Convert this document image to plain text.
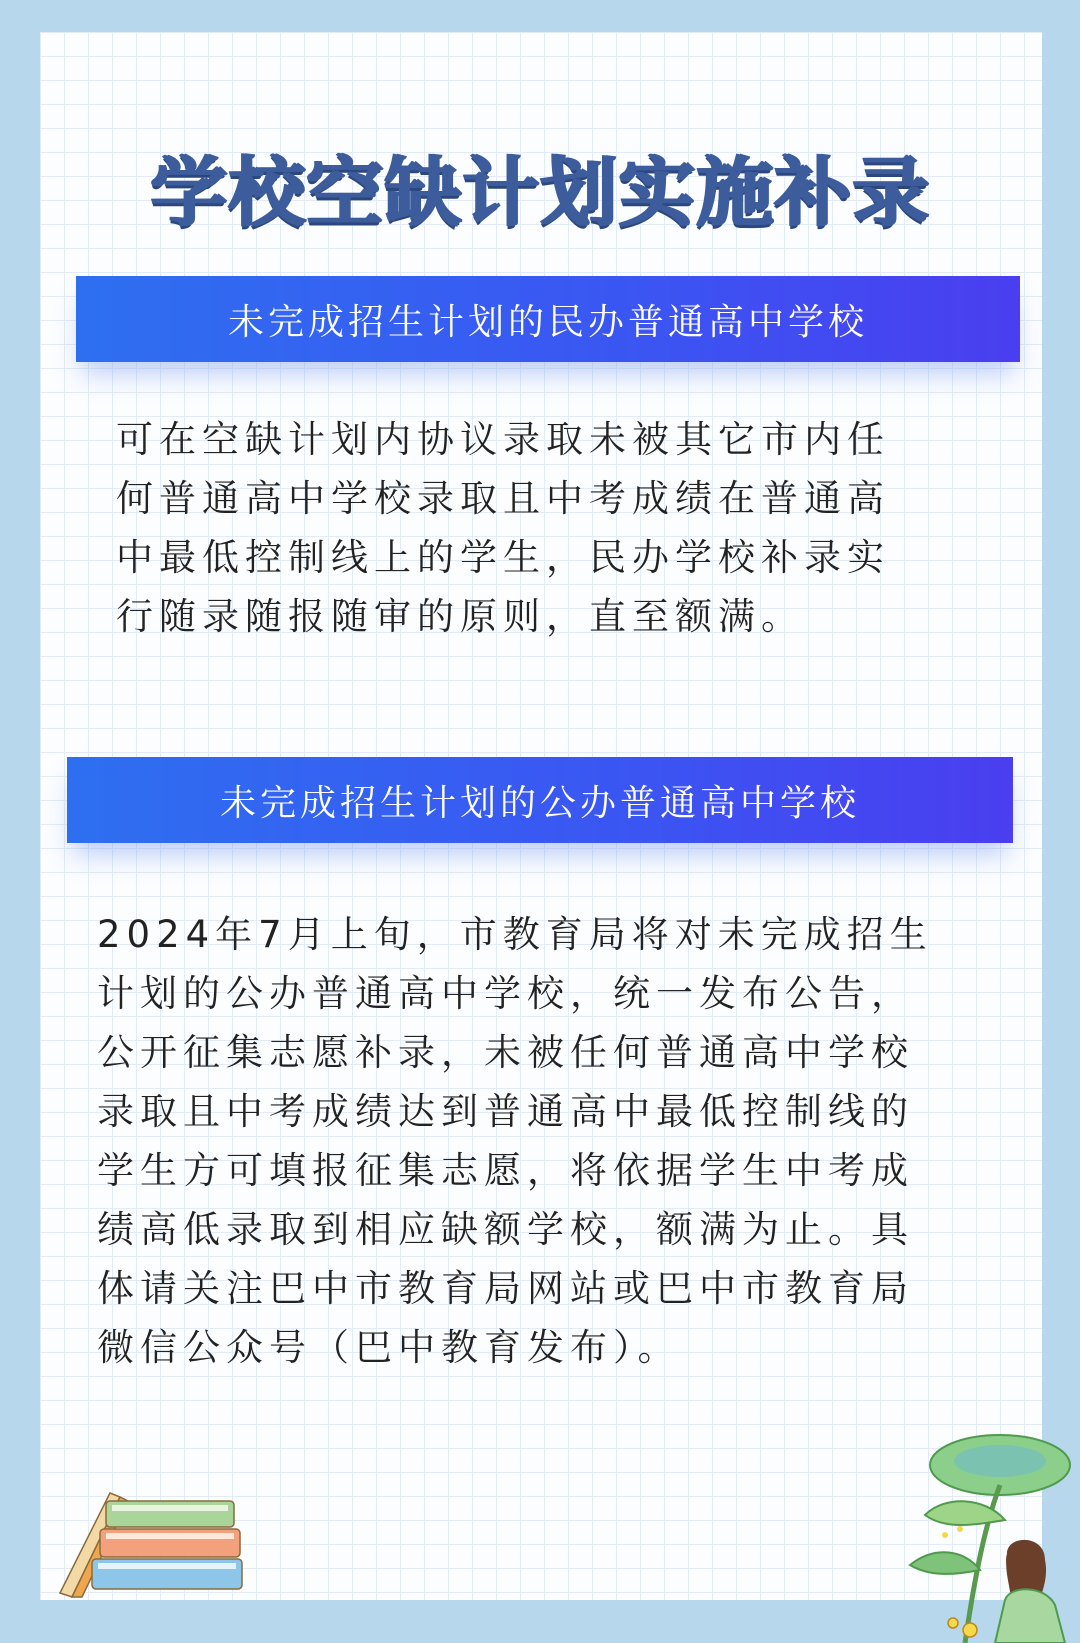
学校空缺计划实施补录
未完成招生计划的民办普通高中学校
可在空缺计划内协议录取未被其它市内任
何普通高中学校录取且中考成绩在普通高
中最低控制线上的学生，民办学校补录实
行随录随报随审的原则，直至额满。
未完成招生计划的公办普通高中学校
2024年7月上旬，市教育局将对未完成招生
计划的公办普通高中学校，统一发布公告，
公开征集志愿补录，未被任何普通高中学校
录取且中考成绩达到普通高中最低控制线的
学生方可填报征集志愿，将依据学生中考成
绩高低录取到相应缺额学校，额满为止。具
体请关注巴中市教育局网站或巴中市教育局
微信公众号（巴中教育发布）。
